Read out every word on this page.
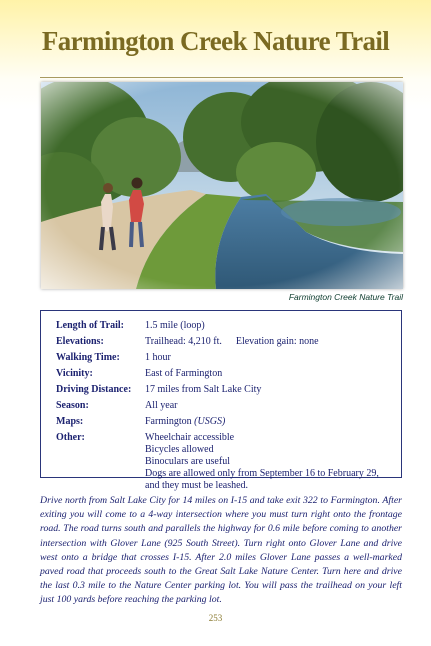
Farmington Creek Nature Trail
Farmington Creek Nature Trail
Length of Trail:	1.5 mile (loop)
Elevations:	Trailhead: 4,210 ft. Elevation gain: none
Walking Time:	1 hour
Vicinity:	East of Farmington
Driving Distance:	17 miles from Salt Lake City
Season:	All year
Maps:	Farmington (USGS)
Other:	Wheelchair accessible
Bicycles allowed
Binoculars are useful
Dogs are allowed only from September 16 to February 29, and they must be leashed.
Drive north from Salt Lake City for 14 miles on I-15 and take exit 322 to Farmington. After exiting you will come to a 4-way intersection where you must turn right onto the frontage road. The road turns south and parallels the highway for 0.6 mile before coming to another intersection with Glover Lane (925 South Street). Turn right onto Glover Lane and drive west onto a bridge that crosses I-15. After 2.0 miles Glover Lane passes a well-marked paved road that proceeds south to the Great Salt Lake Nature Center. Turn here and drive the last 0.3 mile to the Nature Center parking lot. You will pass the trailhead on your left just 100 yards before reaching the parking lot.
253
